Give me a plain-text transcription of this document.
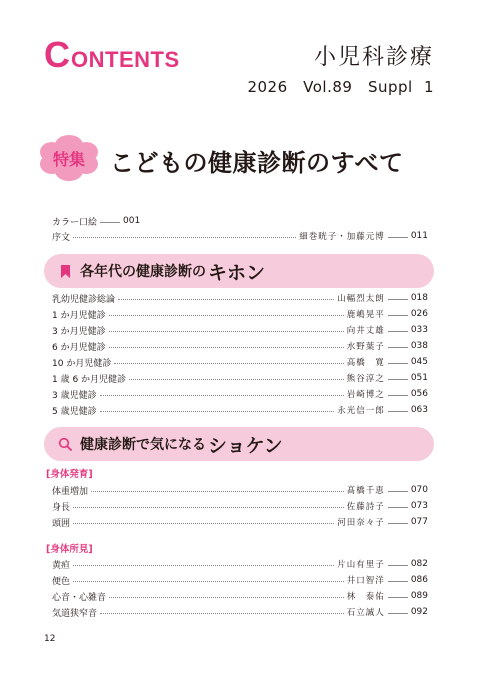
C ONTENTS	小児科診療
2026　Vol.89　Suppl 1
特集	こどもの健康診断のすべて
カラー口絵	001
序文	細巻晄子・加藤元博	011
各年代の健康診断の キホン
乳幼児健診総論	山輻烈太朗	018
1 か月児健診	鹿嶋晃平	026
3 か月児健診	向井丈雄	033
6 か月児健診	水野葉子	038
10 か月児健診	高橋　寛	045
1 歳 6 か月児健診	熊谷淳之	051
3 歳児健診	岩崎博之	056
5 歳児健診	永光信一郎	063
健康診断で気になる ショケン
[身体発育]
体重増加	髙橋千恵	070
身長	佐藤詩子	073
頭囲	河田奈々子	077
[身体所見]
黄疸	片山有里子	082
便色	井口智洋	086
心音・心雑音	林　泰佑	089
気道狭窄音	石立誠人	092
12
